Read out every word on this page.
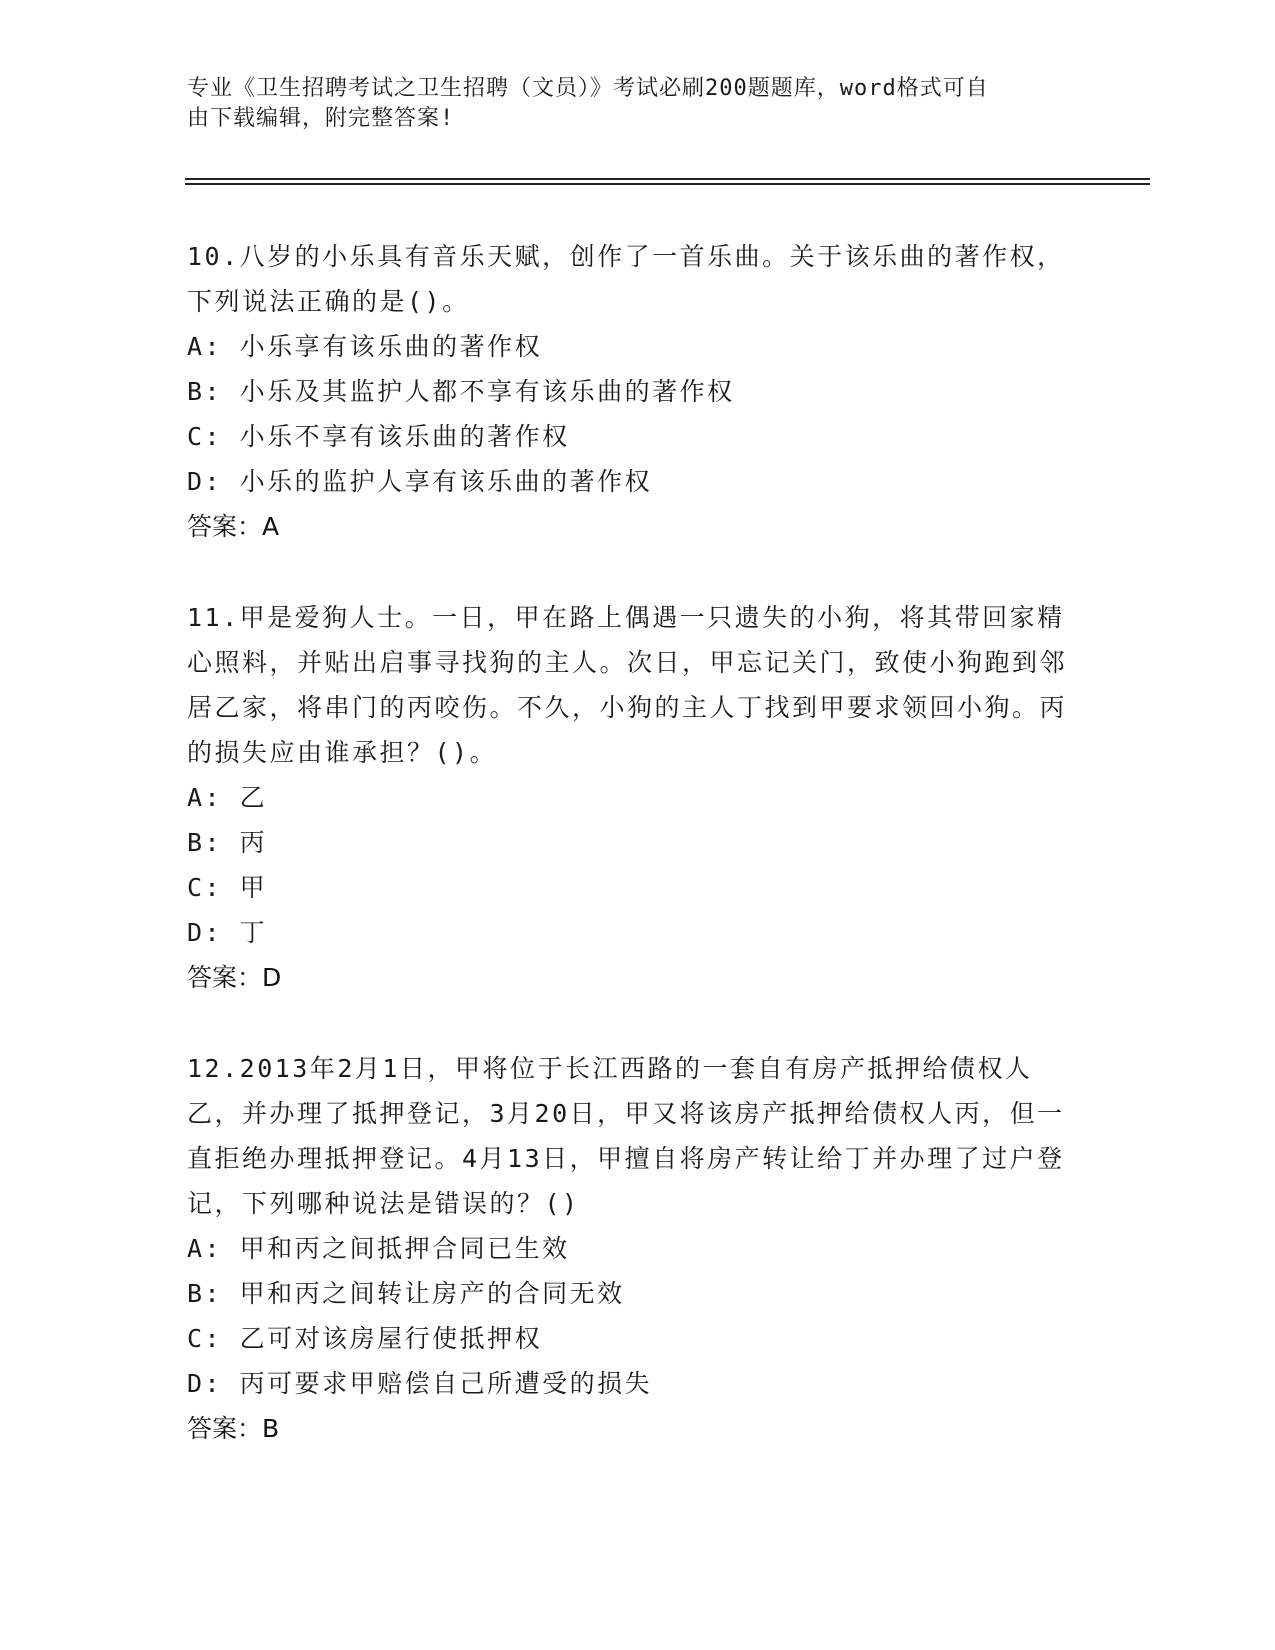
专业《卫生招聘考试之卫生招聘（文员）》考试必刷200题题库，word格式可自
由下载编辑，附完整答案!

10.八岁的小乐具有音乐天赋，创作了一首乐曲。关于该乐曲的著作权，下列说法正确的是()。

A: 小乐享有该乐曲的著作权

B: 小乐及其监护人都不享有该乐曲的著作权

C: 小乐不享有该乐曲的著作权

D: 小乐的监护人享有该乐曲的著作权

答案：A

11.甲是爱狗人士。一日，甲在路上偶遇一只遗失的小狗，将其带回家精心照料，并贴出启事寻找狗的主人。次日，甲忘记关门，致使小狗跑到邻居乙家，将串门的丙咬伤。不久，小狗的主人丁找到甲要求领回小狗。丙的损失应由谁承担？()。

A: 乙

B: 丙

C: 甲

D: 丁

答案：D

12.2013年2月1日，甲将位于长江西路的一套自有房产抵押给债权人乙，并办理了抵押登记，3月20日，甲又将该房产抵押给债权人丙，但一直拒绝办理抵押登记。4月13日，甲擅自将房产转让给丁并办理了过户登记，下列哪种说法是错误的？()

A: 甲和丙之间抵押合同已生效

B: 甲和丙之间转让房产的合同无效

C: 乙可对该房屋行使抵押权

D: 丙可要求甲赔偿自己所遭受的损失

答案：B
